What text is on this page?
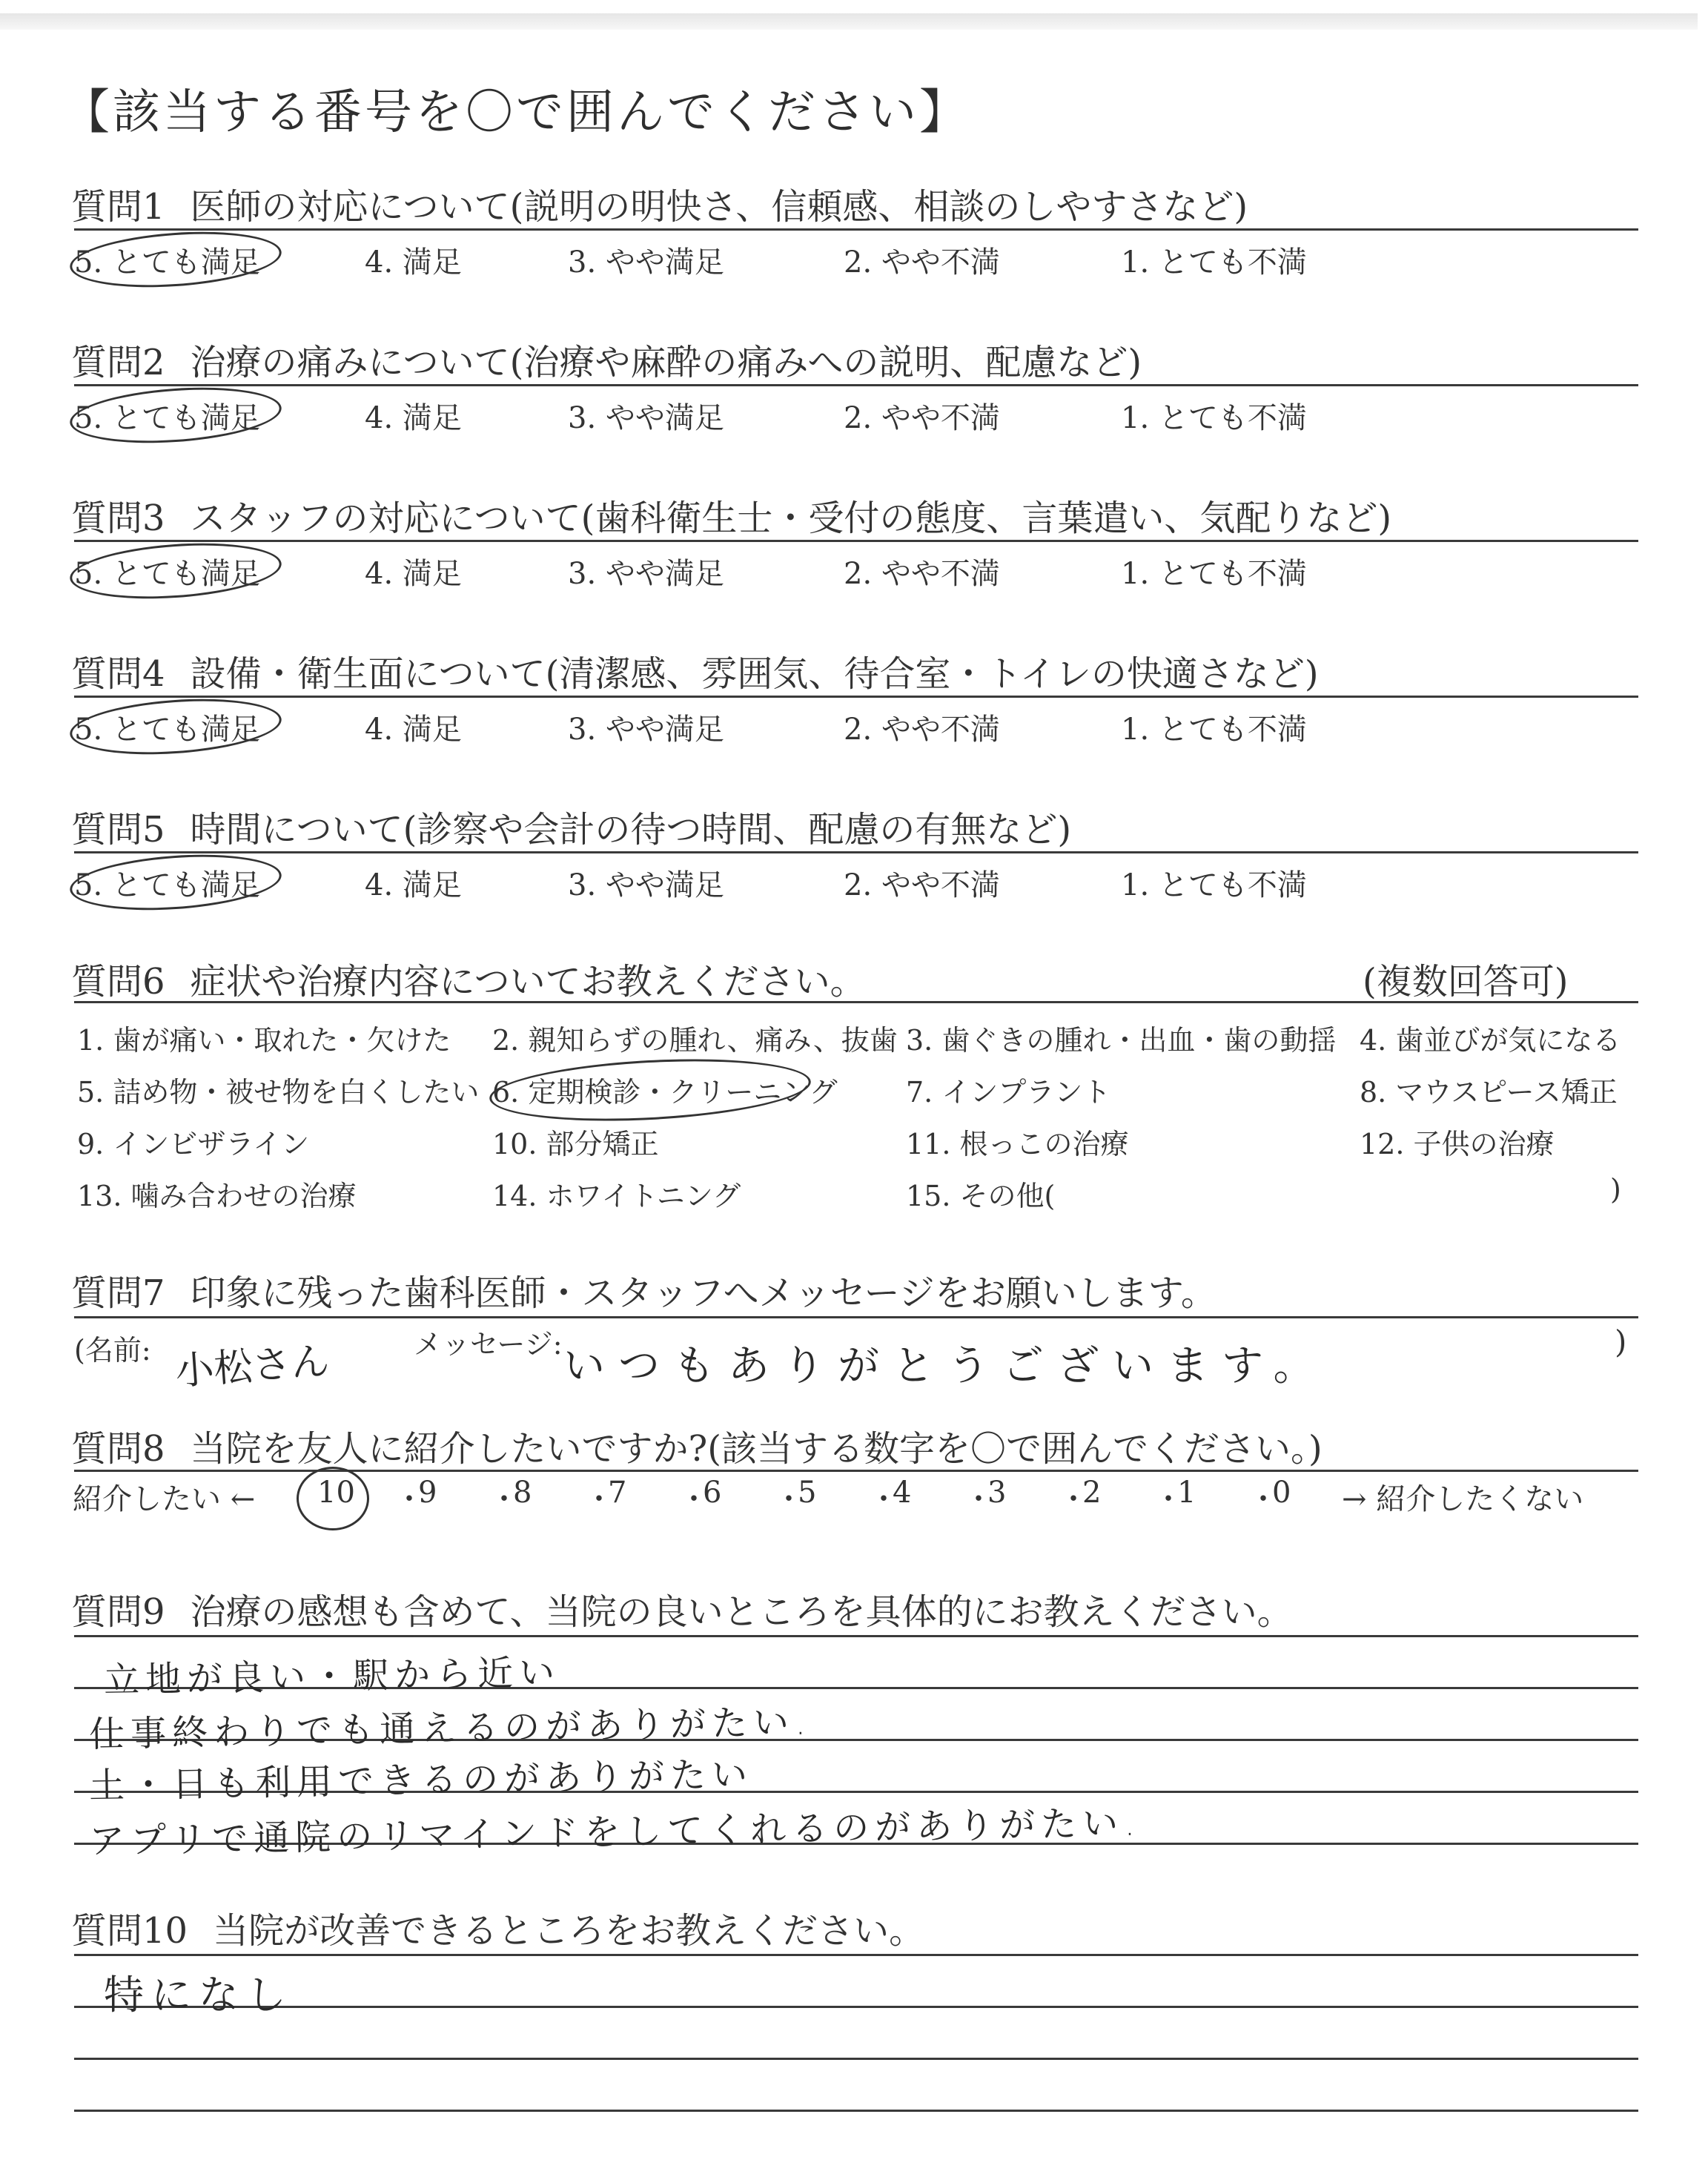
【該当する番号を〇で囲んでください】
質問1 医師の対応について(説明の明快さ、信頼感、相談のしやすさなど)
5. とても満足	4. 満足	3. やや満足	2. やや不満	1. とても不満
質問2 治療の痛みについて(治療や麻酔の痛みへの説明、配慮など)
5. とても満足	4. 満足	3. やや満足	2. やや不満	1. とても不満
質問3 スタッフの対応について(歯科衛生士・受付の態度、言葉遣い、気配りなど)
5. とても満足	4. 満足	3. やや満足	2. やや不満	1. とても不満
質問4 設備・衛生面について(清潔感、雰囲気、待合室・トイレの快適さなど)
5. とても満足	4. 満足	3. やや満足	2. やや不満	1. とても不満
質問5 時間について(診察や会計の待つ時間、配慮の有無など)
5. とても満足	4. 満足	3. やや満足	2. やや不満	1. とても不満
質問6 症状や治療内容についてお教えください。	(複数回答可)
1. 歯が痛い・取れた・欠けた 2. 親知らずの腫れ、痛み、抜歯 3. 歯ぐきの腫れ・出血・歯の動揺 4. 歯並びが気になる
5. 詰め物・被せ物を白くしたい 6. 定期検診・クリーニング 7. インプラント	8. マウスピース矯正
9. インビザライン	10. 部分矯正	11. 根っこの治療	12. 子供の治療
13. 噛み合わせの治療	14. ホワイトニング	15. その他(	)
質問7 印象に残った歯科医師・スタッフへメッセージをお願いします。
(名前: 小松さん	メッセージ: いつもありがとうございます。
)
質問8 当院を友人に紹介したいですか?(該当する数字を〇で囲んでください。)
紹介したい ← 10 ・
9 ・
8 ・
7 ・
6 ・
5 ・
4 ・
3 ・
2 ・
1 ・
0 → 紹介したくない
質問9 治療の感想も含めて、当院の良いところを具体的にお教えください。
立地が良い・駅から近い
仕事終わりでも通えるのがありがたい.
土・日も利用できるのがありがたい
アプリで通院のリマインドをしてくれるのがありがたい.
質問10 当院が改善できるところをお教えください。
特になし
